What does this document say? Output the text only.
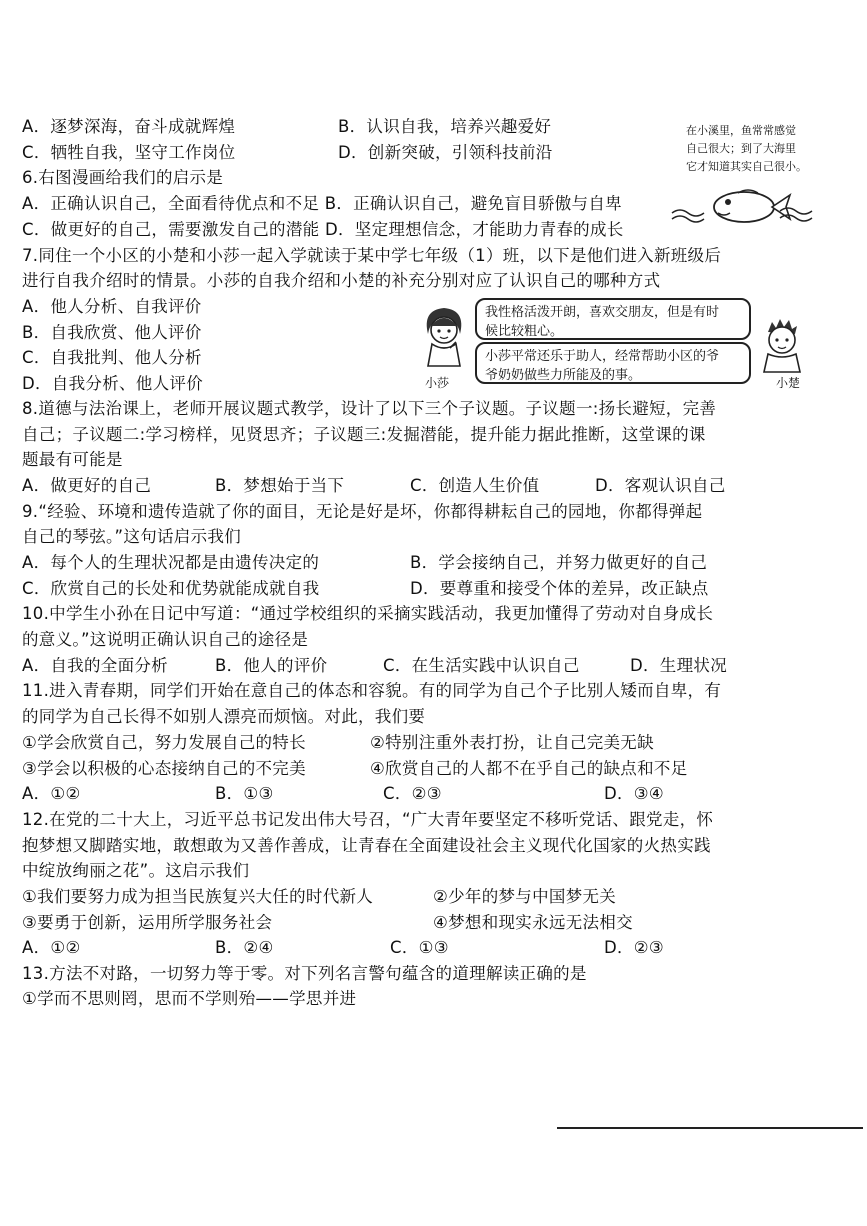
A．逐梦深海，奋斗成就辉煌	B．认识自我，培养兴趣爱好
C．牺牲自我，坚守工作岗位	D．创新突破，引领科技前沿
在小溪里，鱼常常感觉
自己很大；到了大海里
它才知道其实自己很小。
6.右图漫画给我们的启示是
A．正确认识自己，全面看待优点和不足 B．正确认识自己，避免盲目骄傲与自卑
C．做更好的自己，需要激发自己的潜能 D．坚定理想信念，才能助力青春的成长
7.同住一个小区的小楚和小莎一起入学就读于某中学七年级（1）班，以下是他们进入新班级后
进行自我介绍时的情景。小莎的自我介绍和小楚的补充分别对应了认识自己的哪种方式
A．他人分析、自我评价
B．自我欣赏、他人评价
C．自我批判、他人分析
D．自我分析、他人评价	小莎
我性格活泼开朗，喜欢交朋友，但是有时
候比较粗心。
小莎平常还乐于助人，经常帮助小区的爷
爷奶奶做些力所能及的事。	小楚
8.道德与法治课上，老师开展议题式教学，设计了以下三个子议题。子议题一:扬长避短，完善
自己；子议题二:学习榜样，见贤思齐；子议题三:发掘潜能，提升能力据此推断，这堂课的课
题最有可能是
A．做更好的自己	B．梦想始于当下	C．创造人生价值	D．客观认识自己
9.“经验、环境和遗传造就了你的面目，无论是好是坏，你都得耕耘自己的园地，你都得弹起
自己的琴弦。”这句话启示我们
A．每个人的生理状况都是由遗传决定的	B．学会接纳自己，并努力做更好的自己
C．欣赏自己的长处和优势就能成就自我	D．要尊重和接受个体的差异，改正缺点
10.中学生小孙在日记中写道：“通过学校组织的采摘实践活动，我更加懂得了劳动对自身成长
的意义。”这说明正确认识自己的途径是
A．自我的全面分析	B．他人的评价	C．在生活实践中认识自己	D．生理状况
11.进入青春期，同学们开始在意自己的体态和容貌。有的同学为自己个子比别人矮而自卑，有
的同学为自己长得不如别人漂亮而烦恼。对此，我们要
①学会欣赏自己，努力发展自己的特长	②特别注重外表打扮，让自己完美无缺
③学会以积极的心态接纳自己的不完美	④欣赏自己的人都不在乎自己的缺点和不足
A．①②	B．①③	C．②③	D．③④
12.在党的二十大上，习近平总书记发出伟大号召，“广大青年要坚定不移听党话、跟党走，怀
抱梦想又脚踏实地，敢想敢为又善作善成，让青春在全面建设社会主义现代化国家的火热实践
中绽放绚丽之花”。这启示我们
①我们要努力成为担当民族复兴大任的时代新人	②少年的梦与中国梦无关
③要勇于创新，运用所学服务社会	④梦想和现实永远无法相交
A．①②	B．②④	C．①③	D．②③
13.方法不对路，一切努力等于零。对下列名言警句蕴含的道理解读正确的是
①学而不思则罔，思而不学则殆——学思并进
